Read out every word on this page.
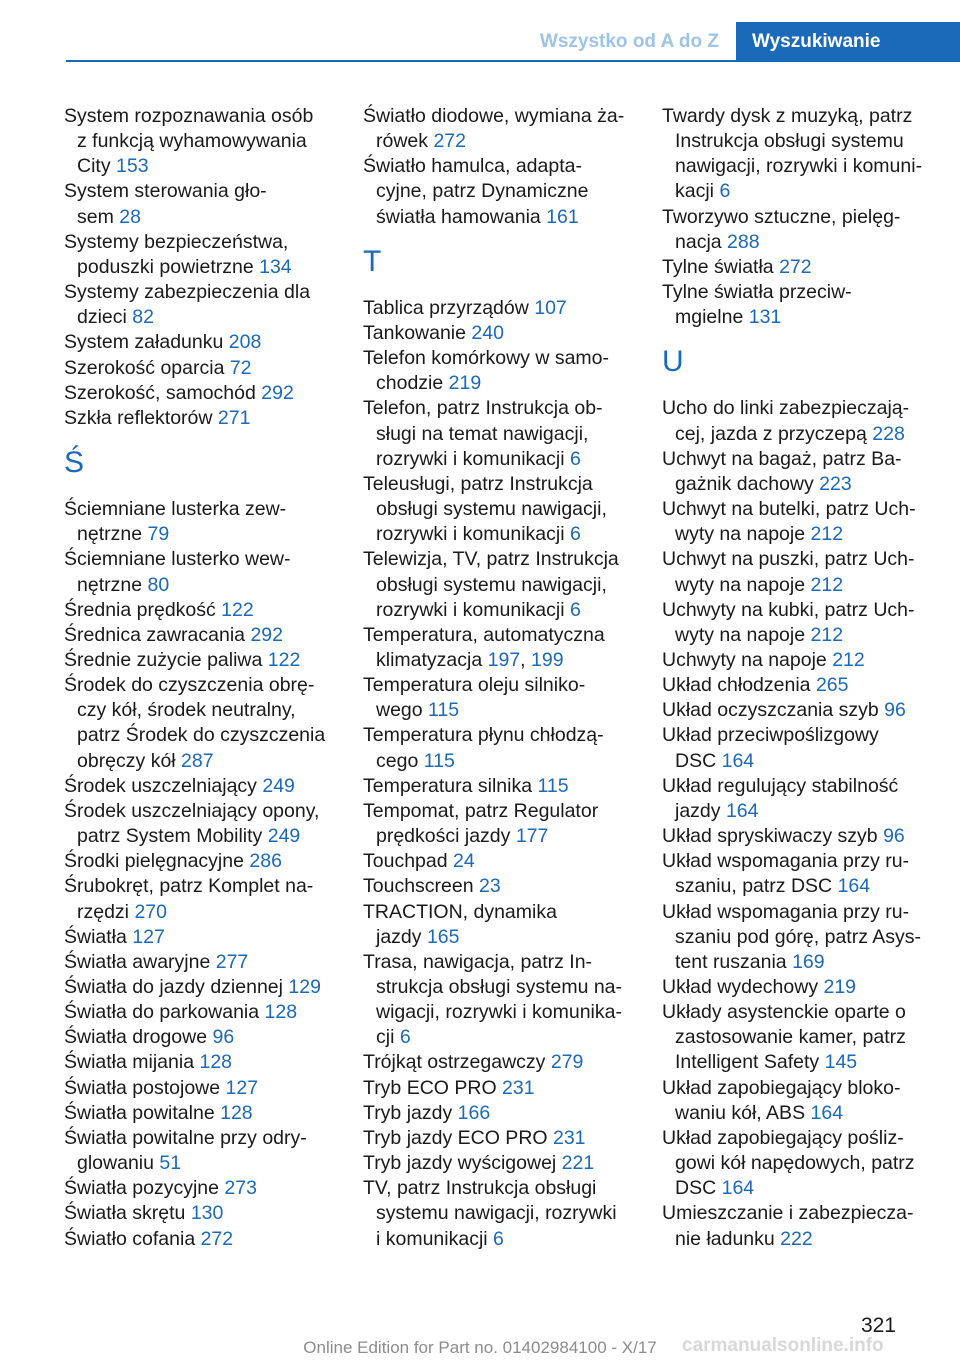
Wszystko od A do Z	Wyszukiwanie
System rozpoznawania osób
z funkcją wyhamowywania
City 153
System sterowania gło‐
sem 28
Systemy bezpieczeństwa,
poduszki powietrzne 134
Systemy zabezpieczenia dla
dzieci 82
System załadunku 208
Szerokość oparcia 72
Szerokość, samochód 292
Szkła reflektorów 271
Ś
Ściemniane lusterka zew‐
nętrzne 79
Ściemniane lusterko wew‐
nętrzne 80
Średnia prędkość 122
Średnica zawracania 292
Średnie zużycie paliwa 122
Środek do czyszczenia obrę‐
czy kół, środek neutralny,
patrz Środek do czyszczenia
obręczy kół 287
Środek uszczelniający 249
Środek uszczelniający opony,
patrz System Mobility 249
Środki pielęgnacyjne 286
Śrubokręt, patrz Komplet na‐
rzędzi 270
Światła 127
Światła awaryjne 277
Światła do jazdy dziennej 129
Światła do parkowania 128
Światła drogowe 96
Światła mijania 128
Światła postojowe 127
Światła powitalne 128
Światła powitalne przy odry‐
glowaniu 51
Światła pozycyjne 273
Światła skrętu 130
Światło cofania 272
Światło diodowe, wymiana ża‐
rówek 272
Światło hamulca, adapta‐
cyjne, patrz Dynamiczne
światła hamowania 161
T
Tablica przyrządów 107
Tankowanie 240
Telefon komórkowy w samo‐
chodzie 219
Telefon, patrz Instrukcja ob‐
sługi na temat nawigacji,
rozrywki i komunikacji 6
Teleusługi, patrz Instrukcja
obsługi systemu nawigacji,
rozrywki i komunikacji 6
Telewizja, TV, patrz Instrukcja
obsługi systemu nawigacji,
rozrywki i komunikacji 6
Temperatura, automatyczna
klimatyzacja 197, 199
Temperatura oleju silniko‐
wego 115
Temperatura płynu chłodzą‐
cego 115
Temperatura silnika 115
Tempomat, patrz Regulator
prędkości jazdy 177
Touchpad 24
Touchscreen 23
TRACTION, dynamika
jazdy 165
Trasa, nawigacja, patrz In‐
strukcja obsługi systemu na‐
wigacji, rozrywki i komunika‐
cji 6
Trójkąt ostrzegawczy 279
Tryb ECO PRO 231
Tryb jazdy 166
Tryb jazdy ECO PRO 231
Tryb jazdy wyścigowej 221
TV, patrz Instrukcja obsługi
systemu nawigacji, rozrywki
i komunikacji 6
Twardy dysk z muzyką, patrz
Instrukcja obsługi systemu
nawigacji, rozrywki i komuni‐
kacji 6
Tworzywo sztuczne, pielęg‐
nacja 288
Tylne światła 272
Tylne światła przeciw‐
mgielne 131
U
Ucho do linki zabezpieczają‐
cej, jazda z przyczepą 228
Uchwyt na bagaż, patrz Ba‐
gażnik dachowy 223
Uchwyt na butelki, patrz Uch‐
wyty na napoje 212
Uchwyt na puszki, patrz Uch‐
wyty na napoje 212
Uchwyty na kubki, patrz Uch‐
wyty na napoje 212
Uchwyty na napoje 212
Układ chłodzenia 265
Układ oczyszczania szyb 96
Układ przeciwpoślizgowy
DSC 164
Układ regulujący stabilność
jazdy 164
Układ spryskiwaczy szyb 96
Układ wspomagania przy ru‐
szaniu, patrz DSC 164
Układ wspomagania przy ru‐
szaniu pod górę, patrz Asys‐
tent ruszania 169
Układ wydechowy 219
Układy asystenckie oparte o
zastosowanie kamer, patrz
Intelligent Safety 145
Układ zapobiegający bloko‐
waniu kół, ABS 164
Układ zapobiegający pośliz‐
gowi kół napędowych, patrz
DSC 164
Umieszczanie i zabezpiecza‐
nie ładunku 222
321
Online Edition for Part no. 01402984100 - X/17	carmanualsonline.info
